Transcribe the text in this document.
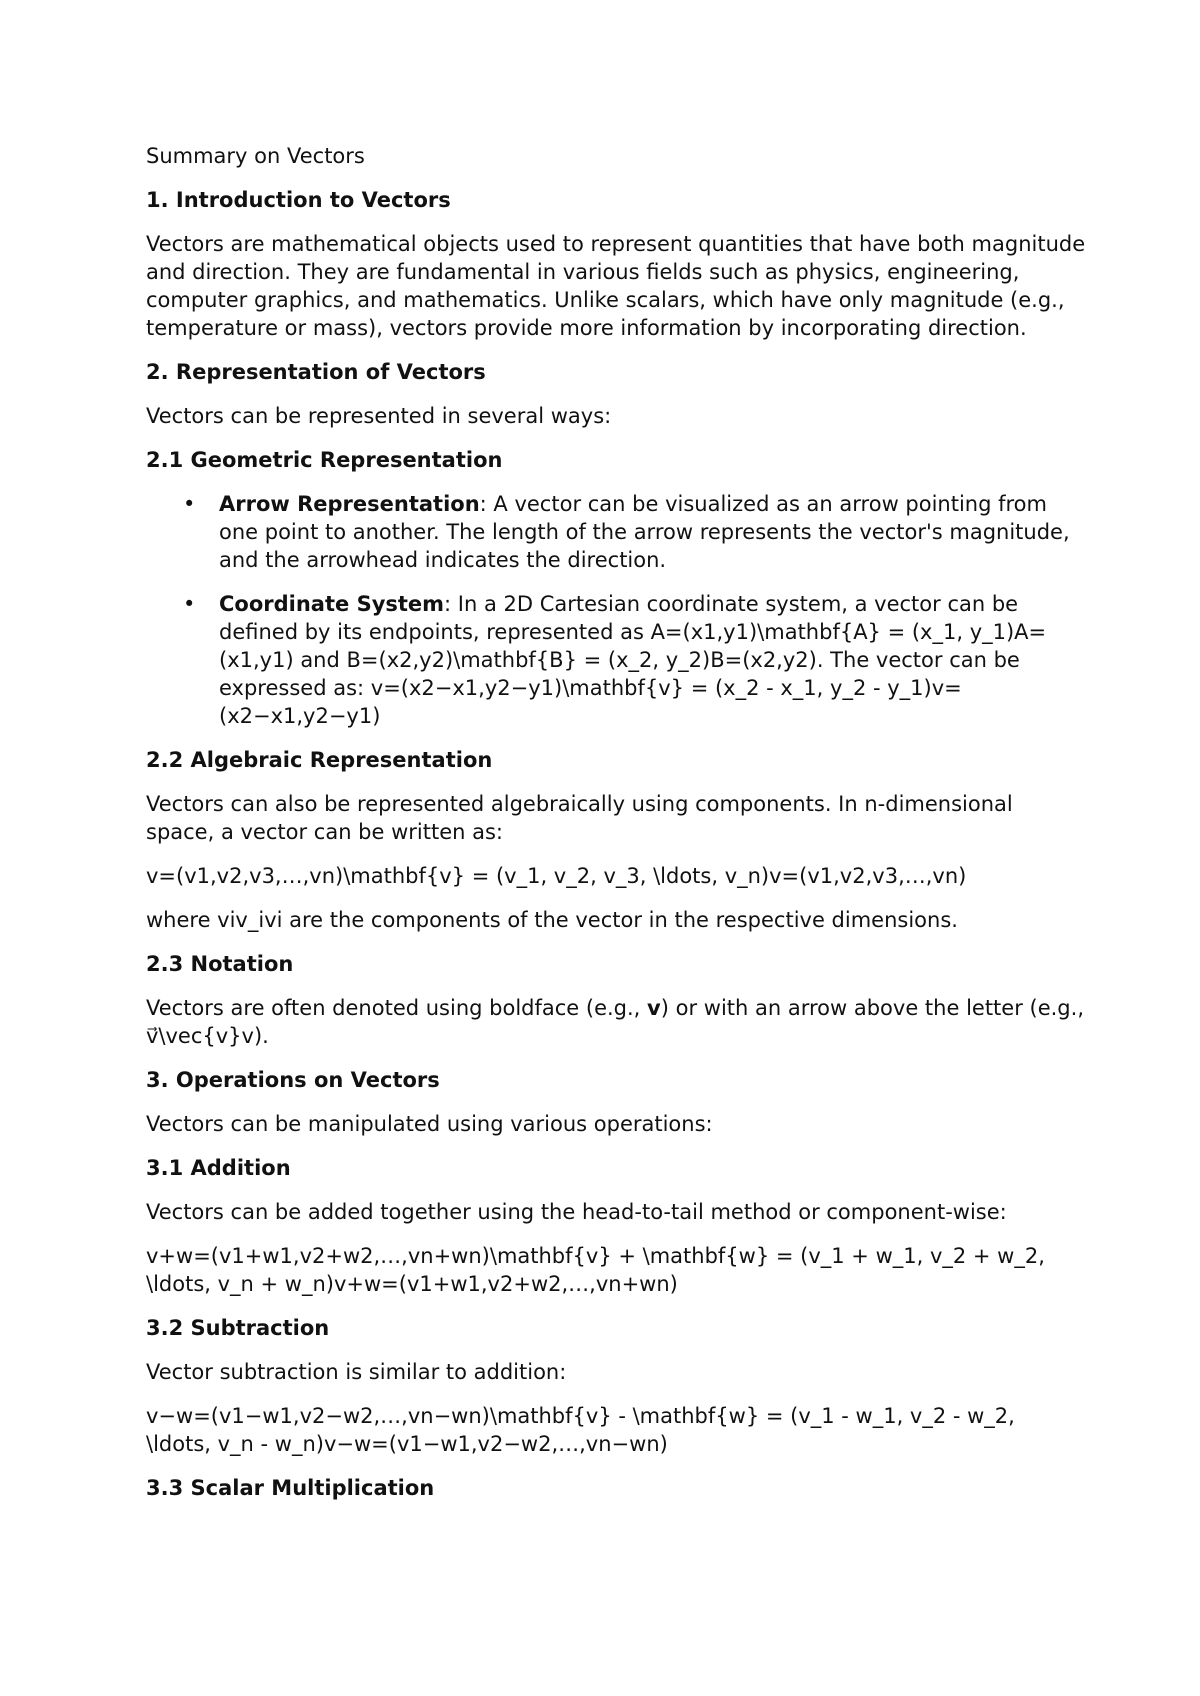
Summary on Vectors

1. Introduction to Vectors

Vectors are mathematical objects used to represent quantities that have both magnitude and direction. They are fundamental in various fields such as physics, engineering, computer graphics, and mathematics. Unlike scalars, which have only magnitude (e.g., temperature or mass), vectors provide more information by incorporating direction.

2. Representation of Vectors

Vectors can be represented in several ways:

2.1 Geometric Representation
• Arrow Representation: A vector can be visualized as an arrow pointing from one point to another. The length of the arrow represents the vector's magnitude, and the arrowhead indicates the direction.
• Coordinate System: In a 2D Cartesian coordinate system, a vector can be defined by its endpoints, represented as A=(x1,y1)\mathbf{A} = (x_1, y_1)A=(x1,y1) and B=(x2,y2)\mathbf{B} = (x_2, y_2)B=(x2,y2). The vector can be expressed as: v=(x2−x1,y2−y1)\mathbf{v} = (x_2 - x_1, y_2 - y_1)v=(x2−x1,y2−y1)
2.2 Algebraic Representation

Vectors can also be represented algebraically using components. In n-dimensional space, a vector can be written as:

v=(v1,v2,v3,…,vn)\mathbf{v} = (v_1, v_2, v_3, \ldots, v_n)v=(v1,v2,v3,…,vn)

where viv_ivi are the components of the vector in the respective dimensions.

2.3 Notation

Vectors are often denoted using boldface (e.g., v) or with an arrow above the letter (e.g., v⃗\vec{v}v).

3. Operations on Vectors

Vectors can be manipulated using various operations:

3.1 Addition

Vectors can be added together using the head-to-tail method or component-wise:

v+w=(v1+w1,v2+w2,…,vn+wn)\mathbf{v} + \mathbf{w} = (v_1 + w_1, v_2 + w_2, \ldots, v_n + w_n)v+w=(v1+w1,v2+w2,…,vn+wn)

3.2 Subtraction

Vector subtraction is similar to addition:

v−w=(v1−w1,v2−w2,…,vn−wn)\mathbf{v} - \mathbf{w} = (v_1 - w_1, v_2 - w_2, \ldots, v_n - w_n)v−w=(v1−w1,v2−w2,…,vn−wn)

3.3 Scalar Multiplication
